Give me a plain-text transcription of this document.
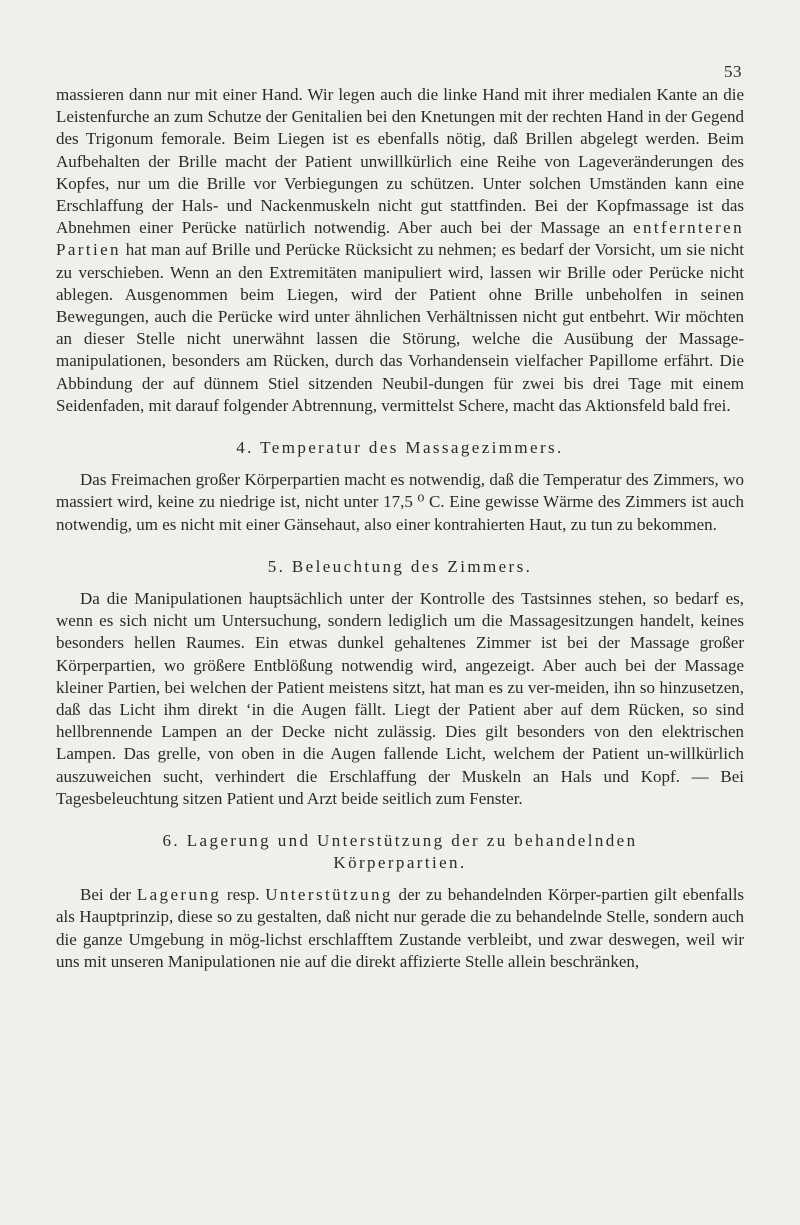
53

massieren dann nur mit einer Hand. Wir legen auch die linke Hand mit ihrer medialen Kante an die Leistenfurche an zum Schutze der Genitalien bei den Knetungen mit der rechten Hand in der Gegend des Trigonum femorale. Beim Liegen ist es ebenfalls nötig, daß Brillen abgelegt werden. Beim Aufbehalten der Brille macht der Patient unwillkürlich eine Reihe von Lageveränderungen des Kopfes, nur um die Brille vor Verbiegungen zu schützen. Unter solchen Umständen kann eine Erschlaffung der Hals- und Nackenmuskeln nicht gut stattfinden. Bei der Kopfmassage ist das Abnehmen einer Perücke natürlich notwendig. Aber auch bei der Massage an entfernteren Partien hat man auf Brille und Perücke Rücksicht zu nehmen; es bedarf der Vorsicht, um sie nicht zu verschieben. Wenn an den Extremitäten manipuliert wird, lassen wir Brille oder Perücke nicht ablegen. Ausgenommen beim Liegen, wird der Patient ohne Brille unbeholfen in seinen Bewegungen, auch die Perücke wird unter ähnlichen Verhältnissen nicht gut entbehrt. Wir möchten an dieser Stelle nicht unerwähnt lassen die Störung, welche die Ausübung der Massage-manipulationen, besonders am Rücken, durch das Vorhandensein vielfacher Papillome erfährt. Die Abbindung der auf dünnem Stiel sitzenden Neubil-dungen für zwei bis drei Tage mit einem Seidenfaden, mit darauf folgender Abtrennung, vermittelst Schere, macht das Aktionsfeld bald frei.

4. Temperatur des Massagezimmers.

Das Freimachen großer Körperpartien macht es notwendig, daß die Temperatur des Zimmers, wo massiert wird, keine zu niedrige ist, nicht unter 17,5 ⁰ C. Eine gewisse Wärme des Zimmers ist auch notwendig, um es nicht mit einer Gänsehaut, also einer kontrahierten Haut, zu tun zu bekommen.

5. Beleuchtung des Zimmers.

Da die Manipulationen hauptsächlich unter der Kontrolle des Tastsinnes stehen, so bedarf es, wenn es sich nicht um Untersuchung, sondern lediglich um die Massagesitzungen handelt, keines besonders hellen Raumes. Ein etwas dunkel gehaltenes Zimmer ist bei der Massage großer Körperpartien, wo größere Entblößung notwendig wird, angezeigt. Aber auch bei der Massage kleiner Partien, bei welchen der Patient meistens sitzt, hat man es zu ver-meiden, ihn so hinzusetzen, daß das Licht ihm direkt ‘in die Augen fällt. Liegt der Patient aber auf dem Rücken, so sind hellbrennende Lampen an der Decke nicht zulässig. Dies gilt besonders von den elektrischen Lampen. Das grelle, von oben in die Augen fallende Licht, welchem der Patient un-willkürlich auszuweichen sucht, verhindert die Erschlaffung der Muskeln an Hals und Kopf. — Bei Tagesbeleuchtung sitzen Patient und Arzt beide seitlich zum Fenster.

6. Lagerung und Unterstützung der zu behandelnden
Körperpartien.

Bei der Lagerung resp. Unterstützung der zu behandelnden Körper-partien gilt ebenfalls als Hauptprinzip, diese so zu gestalten, daß nicht nur gerade die zu behandelnde Stelle, sondern auch die ganze Umgebung in mög-lichst erschlafftem Zustande verbleibt, und zwar deswegen, weil wir uns mit unseren Manipulationen nie auf die direkt affizierte Stelle allein beschränken,
